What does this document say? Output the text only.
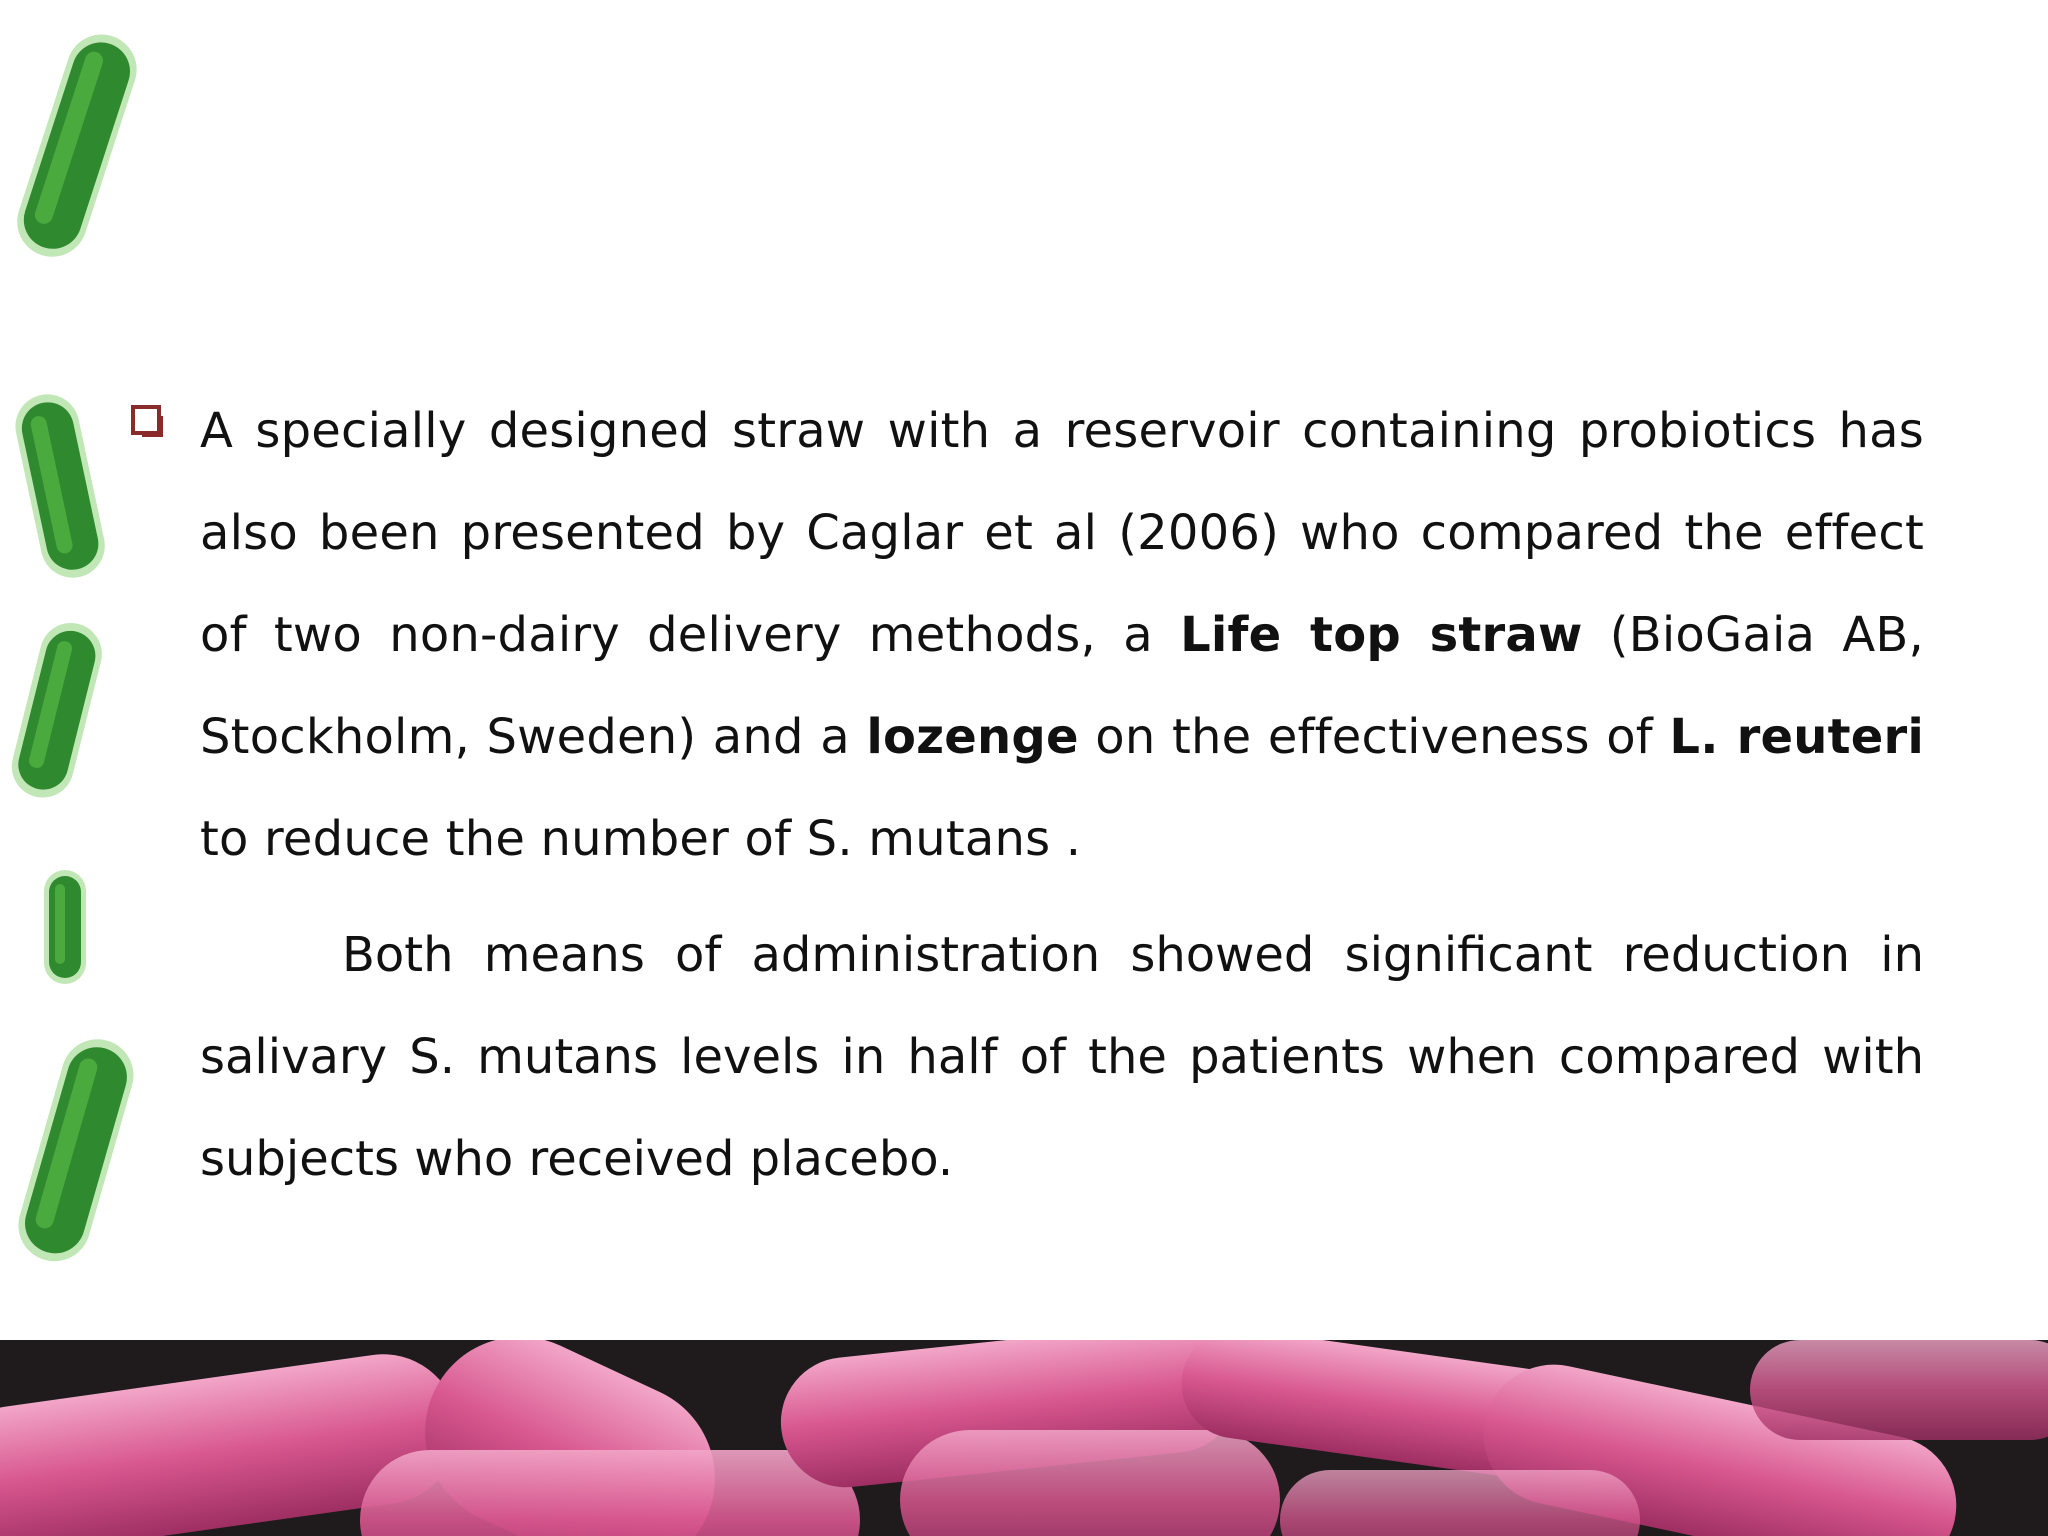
A specially designed straw with a reservoir containing probiotics has also been presented by Caglar et al (2006) who compared the effect of two non-dairy delivery methods, a Life top straw (BioGaia AB, Stockholm, Sweden) and a lozenge on the effectiveness of L. reuteri to reduce the number of S. mutans .

Both means of administration showed significant reduction in salivary S. mutans levels in half of the patients when compared with subjects who received placebo.
